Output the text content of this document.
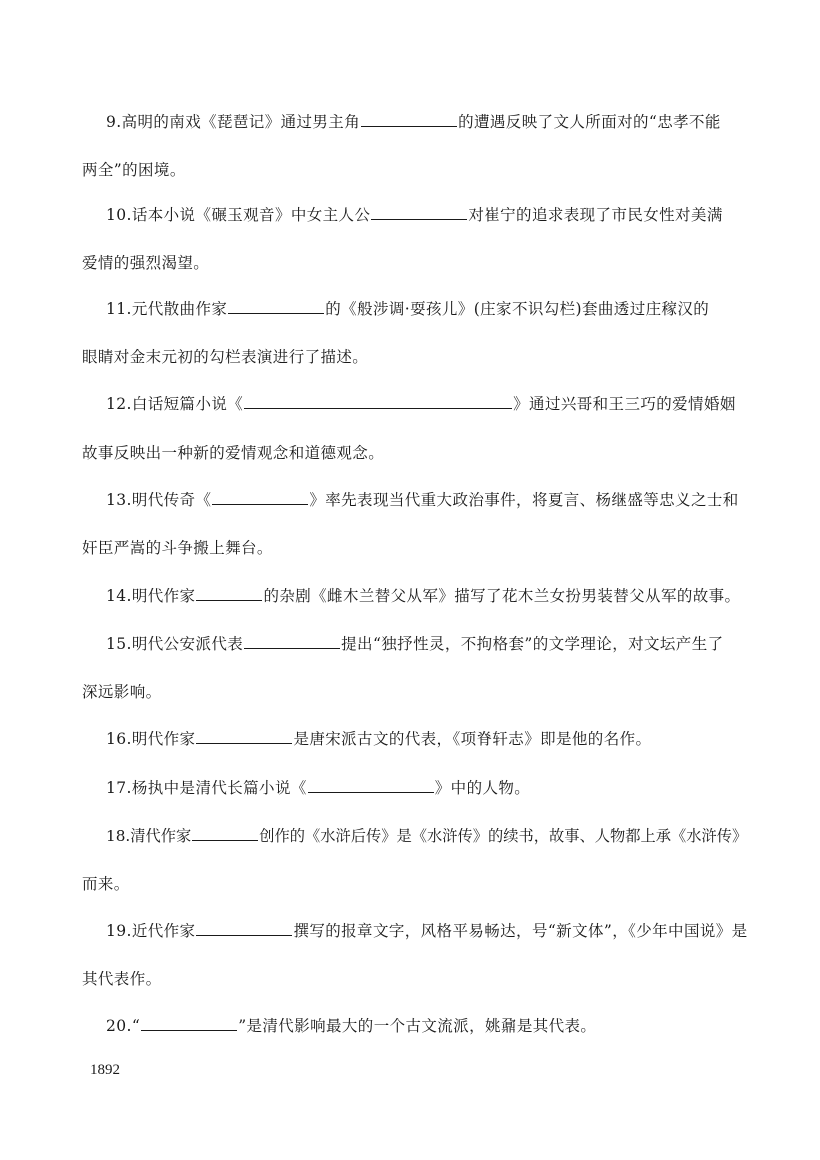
9.高明的南戏《琵琶记》通过男主角	的遭遇反映了文人所面对的“忠孝不能
两全”的困境。
10.话本小说《碾玉观音》中女主人公	对崔宁的追求表现了市民女性对美满
爱情的强烈渴望。
11.元代散曲作家	的《般涉调·耍孩儿》(庄家不识勾栏)套曲透过庄稼汉的
眼睛对金末元初的勾栏表演进行了描述。
12.白话短篇小说《	》通过兴哥和王三巧的爱情婚姻
故事反映出一种新的爱情观念和道德观念。
13.明代传奇《	》率先表现当代重大政治事件，将夏言、杨继盛等忠义之士和
奸臣严嵩的斗争搬上舞台。
14.明代作家	的杂剧《雌木兰替父从军》描写了花木兰女扮男装替父从军的故事。
15.明代公安派代表	提出“独抒性灵，不拘格套”的文学理论，对文坛产生了
深远影响。
16.明代作家	是唐宋派古文的代表，《项脊轩志》即是他的名作。
17.杨执中是清代长篇小说《	》中的人物。
18.清代作家	创作的《水浒后传》是《水浒传》的续书，故事、人物都上承《水浒传》
而来。
19.近代作家	撰写的报章文字，风格平易畅达，号“新文体”，《少年中国说》是
其代表作。
20.“	”是清代影响最大的一个古文流派，姚鼐是其代表。
1892
